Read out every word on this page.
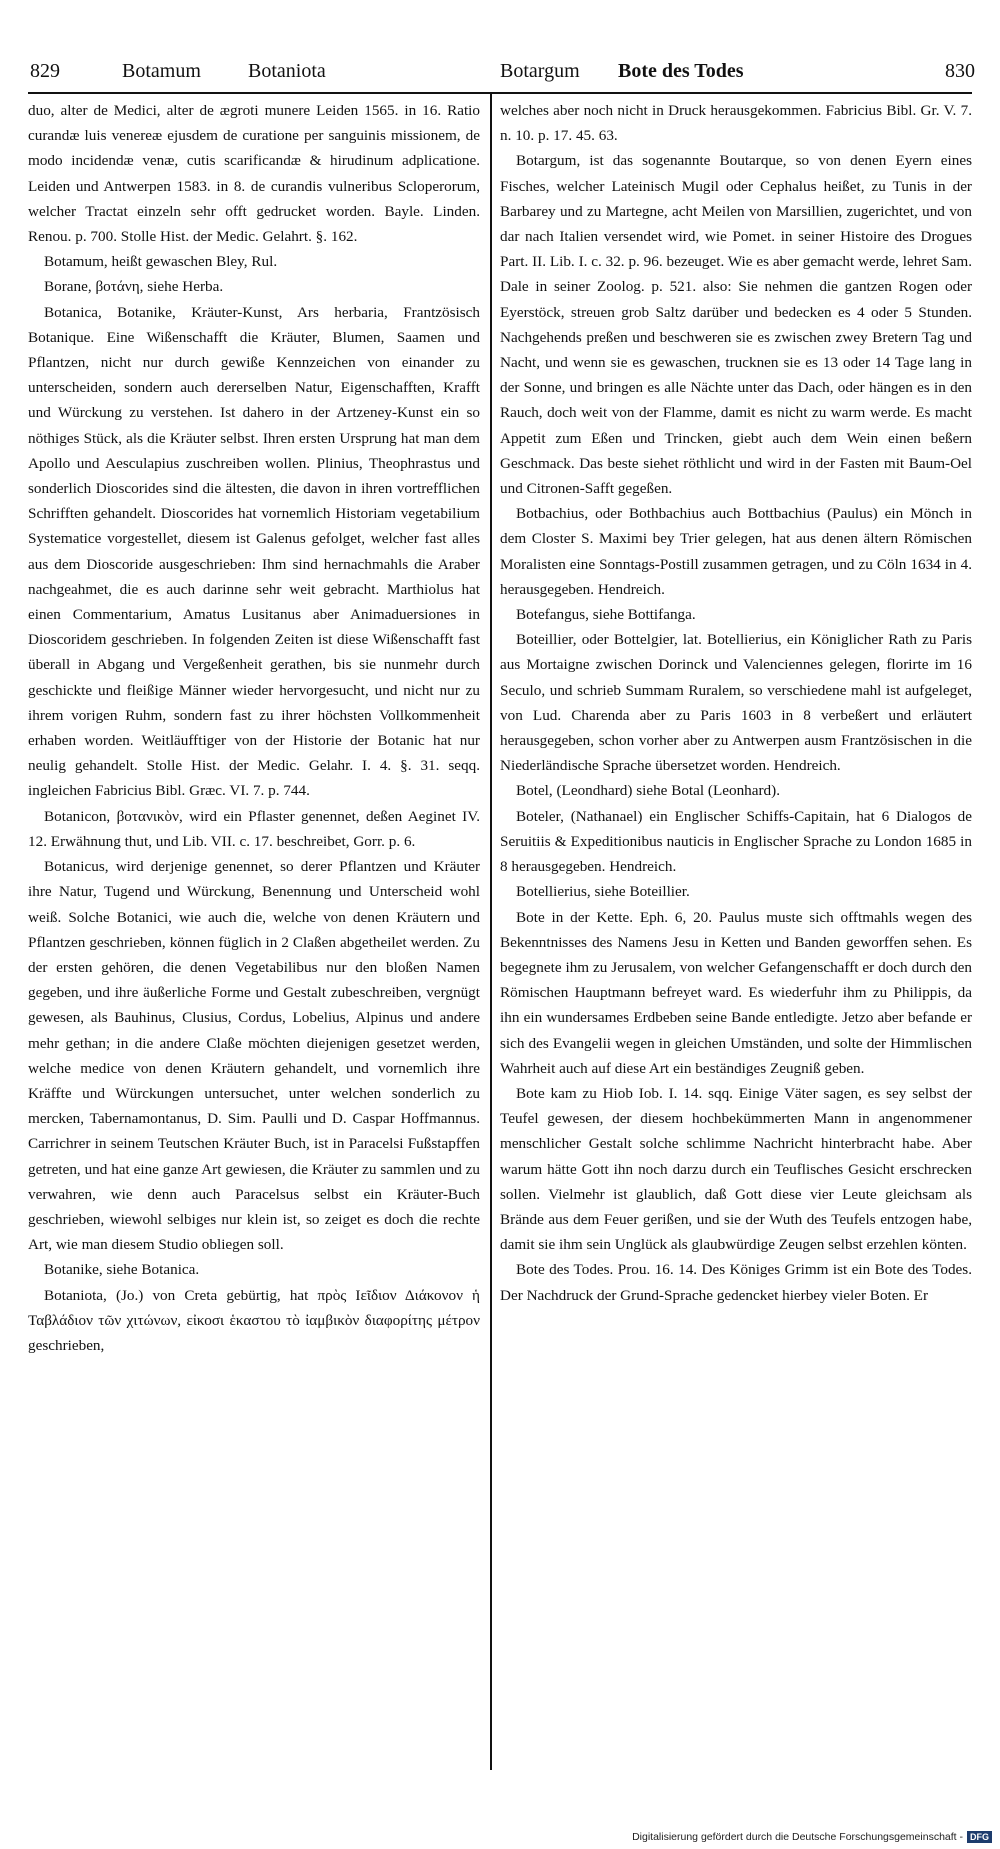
829	Botamum Botaniota	Botargum Bote des Todes	830

duo, alter de Medici, alter de ægroti munere Leiden 1565. in 16. Ratio curandæ luis venereæ ejusdem de curatione per sanguinis missionem, de modo incidendæ venæ, cutis scarificandæ & hirudinum adplicatione. Leiden und Antwerpen 1583. in 8. de curandis vulneribus Scloperorum, welcher Tractat einzeln sehr offt gedrucket worden. Bayle. Linden. Renou. p. 700. Stolle Hist. der Medic. Gelahrt. §. 162.

Botamum, heißt gewaschen Bley, Rul.

Borane, βοτάνη, siehe Herba.

Botanica, Botanike, Kräuter-Kunst, Ars herbaria, Frantzösisch Botanique. Eine Wißenschafft die Kräuter, Blumen, Saamen und Pflantzen, nicht nur durch gewiße Kennzeichen von einander zu unterscheiden, sondern auch dererselben Natur, Eigenschafften, Krafft und Würckung zu verstehen. Ist dahero in der Artzeney-Kunst ein so nöthiges Stück, als die Kräuter selbst. Ihren ersten Ursprung hat man dem Apollo und Aesculapius zuschreiben wollen. Plinius, Theophrastus und sonderlich Dioscorides sind die ältesten, die davon in ihren vortrefflichen Schrifften gehandelt. Dioscorides hat vornemlich Historiam vegetabilium Systematice vorgestellet, diesem ist Galenus gefolget, welcher fast alles aus dem Dioscoride ausgeschrieben: Ihm sind hernachmahls die Araber nachgeahmet, die es auch darinne sehr weit gebracht. Marthiolus hat einen Commentarium, Amatus Lusitanus aber Animaduersiones in Dioscoridem geschrieben. In folgenden Zeiten ist diese Wißenschafft fast überall in Abgang und Vergeßenheit gerathen, bis sie nunmehr durch geschickte und fleißige Männer wieder hervorgesucht, und nicht nur zu ihrem vorigen Ruhm, sondern fast zu ihrer höchsten Vollkommenheit erhaben worden. Weitläufftiger von der Historie der Botanic hat nur neulig gehandelt. Stolle Hist. der Medic. Gelahr. I. 4. §. 31. seqq. ingleichen Fabricius Bibl. Græc. VI. 7. p. 744.

Botanicon, βοτανικὸν, wird ein Pflaster genennet, deßen Aeginet IV. 12. Erwähnung thut, und Lib. VII. c. 17. beschreibet, Gorr. p. 6.

Botanicus, wird derjenige genennet, so derer Pflantzen und Kräuter ihre Natur, Tugend und Würckung, Benennung und Unterscheid wohl weiß. Solche Botanici, wie auch die, welche von denen Kräutern und Pflantzen geschrieben, können füglich in 2 Claßen abgetheilet werden. Zu der ersten gehören, die denen Vegetabilibus nur den bloßen Namen gegeben, und ihre äußerliche Forme und Gestalt zubeschreiben, vergnügt gewesen, als Bauhinus, Clusius, Cordus, Lobelius, Alpinus und andere mehr gethan; in die andere Claße möchten diejenigen gesetzet werden, welche medice von denen Kräutern gehandelt, und vornemlich ihre Kräffte und Würckungen untersuchet, unter welchen sonderlich zu mercken, Tabernamontanus, D. Sim. Paulli und D. Caspar Hoffmannus. Carrichrer in seinem Teutschen Kräuter Buch, ist in Paracelsi Fußstapffen getreten, und hat eine ganze Art gewiesen, die Kräuter zu sammlen und zu verwahren, wie denn auch Paracelsus selbst ein Kräuter-Buch geschrieben, wiewohl selbiges nur klein ist, so zeiget es doch die rechte Art, wie man diesem Studio obliegen soll.

Botanike, siehe Botanica.

Botaniota, (Jo.) von Creta gebürtig, hat πρὸς Ιεῖδιον Διάκονον ἡ Ταβλάδιον τῶν χιτώνων, εἰκοσι ἑκαστου τὸ ἰαμβικὸν διαφορίτης μέτρον geschrieben,

welches aber noch nicht in Druck herausgekommen. Fabricius Bibl. Gr. V. 7. n. 10. p. 17. 45. 63.

Botargum, ist das sogenannte Boutarque, so von denen Eyern eines Fisches, welcher Lateinisch Mugil oder Cephalus heißet, zu Tunis in der Barbarey und zu Martegne, acht Meilen von Marsillien, zugerichtet, und von dar nach Italien versendet wird, wie Pomet. in seiner Histoire des Drogues Part. II. Lib. I. c. 32. p. 96. bezeuget. Wie es aber gemacht werde, lehret Sam. Dale in seiner Zoolog. p. 521. also: Sie nehmen die gantzen Rogen oder Eyerstöck, streuen grob Saltz darüber und bedecken es 4 oder 5 Stunden. Nachgehends preßen und beschweren sie es zwischen zwey Bretern Tag und Nacht, und wenn sie es gewaschen, trucknen sie es 13 oder 14 Tage lang in der Sonne, und bringen es alle Nächte unter das Dach, oder hängen es in den Rauch, doch weit von der Flamme, damit es nicht zu warm werde. Es macht Appetit zum Eßen und Trincken, giebt auch dem Wein einen beßern Geschmack. Das beste siehet röthlicht und wird in der Fasten mit Baum-Oel und Citronen-Safft gegeßen.

Botbachius, oder Bothbachius auch Bottbachius (Paulus) ein Mönch in dem Closter S. Maximi bey Trier gelegen, hat aus denen ältern Römischen Moralisten eine Sonntags-Postill zusammen getragen, und zu Cöln 1634 in 4. herausgegeben. Hendreich.

Botefangus, siehe Bottifanga.

Boteillier, oder Bottelgier, lat. Botellierius, ein Königlicher Rath zu Paris aus Mortaigne zwischen Dorinck und Valenciennes gelegen, florirte im 16 Seculo, und schrieb Summam Ruralem, so verschiedene mahl ist aufgeleget, von Lud. Charenda aber zu Paris 1603 in 8 verbeßert und erläutert herausgegeben, schon vorher aber zu Antwerpen ausm Frantzösischen in die Niederländische Sprache übersetzet worden. Hendreich.

Botel, (Leondhard) siehe Botal (Leonhard).

Boteler, (Nathanael) ein Englischer Schiffs-Capitain, hat 6 Dialogos de Seruitiis & Expeditionibus nauticis in Englischer Sprache zu London 1685 in 8 herausgegeben. Hendreich.

Botellierius, siehe Boteillier.

Bote in der Kette. Eph. 6, 20. Paulus muste sich offtmahls wegen des Bekenntnisses des Namens Jesu in Ketten und Banden geworffen sehen. Es begegnete ihm zu Jerusalem, von welcher Gefangenschafft er doch durch den Römischen Hauptmann befreyet ward. Es wiederfuhr ihm zu Philippis, da ihn ein wundersames Erdbeben seine Bande entledigte. Jetzo aber befande er sich des Evangelii wegen in gleichen Umständen, und solte der Himmlischen Wahrheit auch auf diese Art ein beständiges Zeugniß geben.

Bote kam zu Hiob Iob. I. 14. sqq. Einige Väter sagen, es sey selbst der Teufel gewesen, der diesem hochbekümmerten Mann in angenommener menschlicher Gestalt solche schlimme Nachricht hinterbracht habe. Aber warum hätte Gott ihn noch darzu durch ein Teuflisches Gesicht erschrecken sollen. Vielmehr ist glaublich, daß Gott diese vier Leute gleichsam als Brände aus dem Feuer gerißen, und sie der Wuth des Teufels entzogen habe, damit sie ihm sein Unglück als glaubwürdige Zeugen selbst erzehlen könten.

Bote des Todes. Prou. 16. 14. Des Königes Grimm ist ein Bote des Todes. Der Nachdruck der Grund-Sprache gedencket hierbey vieler Boten. Er

Digitalisierung gefördert durch die Deutsche Forschungsgemeinschaft - DFG
